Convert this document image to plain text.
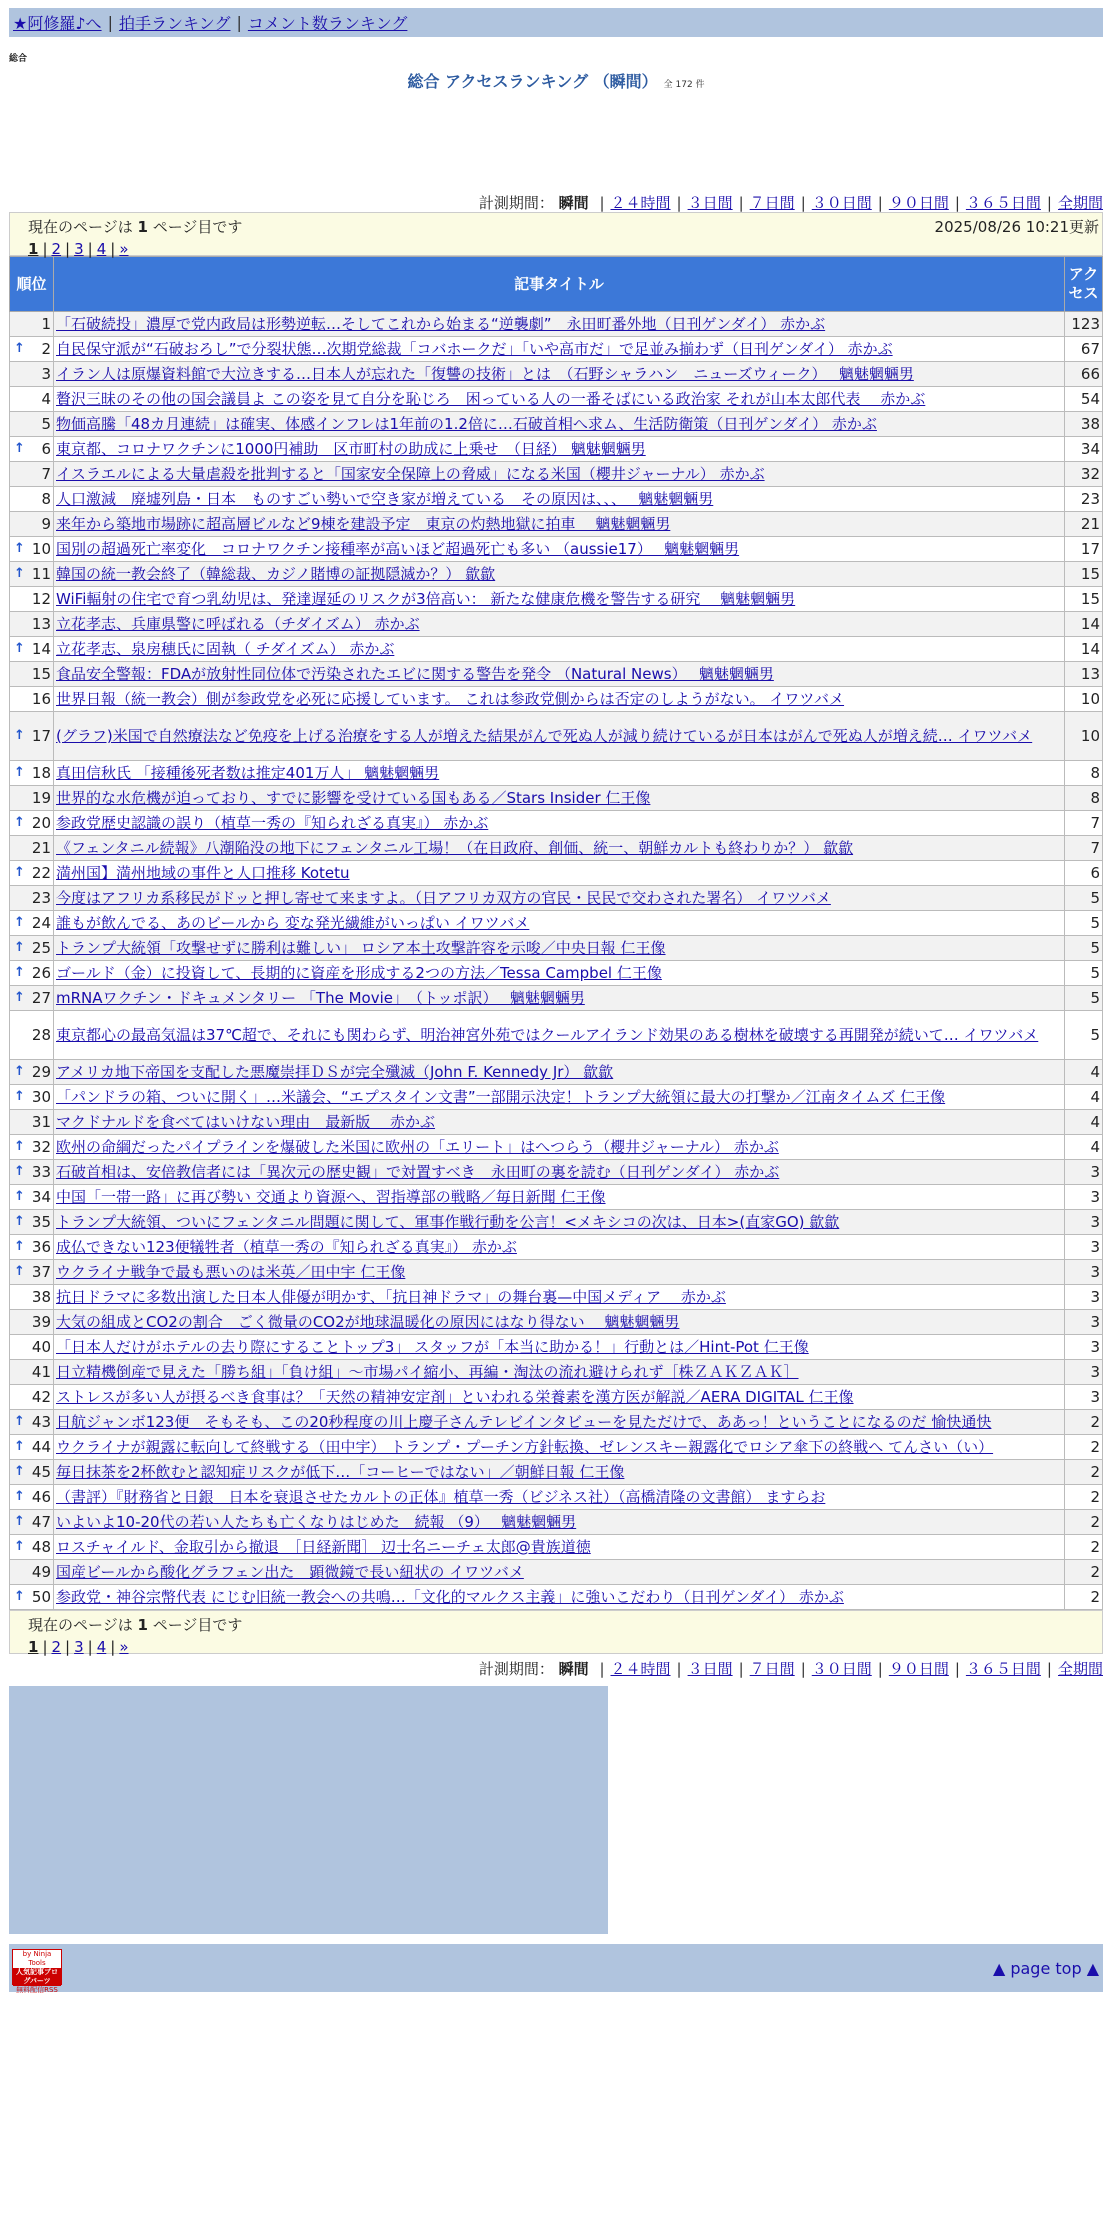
★阿修羅♪へ | 拍手ランキング | コメント数ランキング
総合
総合 アクセスランキング （瞬間） 全 172 件
計測期間： 瞬間 | ２４時間 | ３日間 | ７日間 | ３０日間 | ９０日間 | ３６５日間 | 全期間
現在のページは 1 ページ目です	2025/08/26 10:21更新
1 | 2 | 3 | 4 | »
順位	記事タイトル	アクセス
1	「石破続投」濃厚で党内政局は形勢逆転…そしてこれから始まる“逆襲劇”　永田町番外地（日刊ゲンダイ） 赤かぶ	123

↑ 2	自民保守派が“石破おろし”で分裂状態…次期党総裁「コバホークだ」「いや高市だ」で足並み揃わず（日刊ゲンダイ） 赤かぶ	67
3	イラン人は原爆資料館で大泣きする…日本人が忘れた「復讐の技術」とは　（石野シャラハン　ニューズウィーク）　 魑魅魍魎男	66
4	贅沢三昧のその他の国会議員よ この姿を見て自分を恥じろ　困っている人の一番そばにいる政治家 それが山本太郎代表　 赤かぶ	54
5	物価高騰「48カ月連続」は確実、体感インフレは1年前の1.2倍に…石破首相へ求ム、生活防衛策（日刊ゲンダイ） 赤かぶ	38

↑ 6	東京都、コロナワクチンに1000円補助　区市町村の助成に上乗せ　（日経） 魑魅魍魎男	34
7	イスラエルによる大量虐殺を批判すると「国家安全保障上の脅威」になる米国（櫻井ジャーナル） 赤かぶ	32
8	人口激減　廃墟列島・日本　ものすごい勢いで空き家が増えている　その原因は、、、　 魑魅魍魎男	23
9	来年から築地市場跡に超高層ビルなど9棟を建設予定　東京の灼熱地獄に拍車　 魑魅魍魎男	21

↑ 10	国別の超過死亡率変化　コロナワクチン接種率が高いほど超過死亡も多い （aussie17）　 魑魅魍魎男	17

↑ 11	韓国の統一教会終了（韓総裁、カジノ賭博の証拠隠滅か？） 歙歙	15
12	WiFi輻射の住宅で育つ乳幼児は、発達遅延のリスクが3倍高い： 新たな健康危機を警告する研究　 魑魅魍魎男	15
13	立花孝志、兵庫県警に呼ばれる（チダイズム） 赤かぶ	14

↑ 14	立花孝志、泉房穂氏に固執（ チダイズム） 赤かぶ	14
15	食品安全警報：FDAが放射性同位体で汚染されたエビに関する警告を発令 （Natural News）　 魑魅魍魎男	13
16	世界日報（統一教会）側が参政党を必死に応援しています。 これは参政党側からは否定のしようがない。 イワツバメ	10

↑ 17	(グラフ)米国で自然療法など免疫を上げる治療をする人が増えた結果がんで死ぬ人が減り続けているが日本はがんで死ぬ人が増え続… イワツバメ	10

↑ 18	真田信秋氏 「接種後死者数は推定401万人」 魑魅魍魎男	8
19	世界的な水危機が迫っており、すでに影響を受けている国もある／Stars Insider 仁王像	8

↑ 20	参政党歴史認識の誤り（植草一秀の『知られざる真実』） 赤かぶ	7
21	《フェンタニル続報》八潮陥没の地下にフェンタニル工場！（在日政府、創価、統一、朝鮮カルトも終わりか？） 歙歙	7

↑ 22	満州国】満州地域の事件と人口推移 Kotetu	6
23	今度はアフリカ系移民がドッと押し寄せて来ますよ。（日アフリカ双方の官民・民民で交わされた署名） イワツバメ	5

↑ 24	誰もが飲んでる、あのビールから 変な発光繊維がいっぱい イワツバメ	5

↑ 25	トランプ大統領「攻撃せずに勝利は難しい」 ロシア本土攻撃許容を示唆／中央日報 仁王像	5

↑ 26	ゴールド（金）に投資して、長期的に資産を形成する2つの方法／Tessa Campbel 仁王像	5

↑ 27	mRNAワクチン・ドキュメンタリー 「The Movie」　（トッポ訳）　 魑魅魍魎男	5
28	東京都心の最高気温は37℃超で、それにも関わらず、明治神宮外苑ではクールアイランド効果のある樹林を破壊する再開発が続いて… イワツバメ	5

↑ 29	アメリカ地下帝国を支配した悪魔崇拝ＤＳが完全殲滅（John F. Kennedy Jr） 歙歙	4

↑ 30	「パンドラの箱、ついに開く」…米議会、“エプスタイン文書”一部開示決定！トランプ大統領に最大の打撃か／江南タイムズ 仁王像	4
31	マクドナルドを食べてはいけない理由　最新版　 赤かぶ	4

↑ 32	欧州の命綱だったパイプラインを爆破した米国に欧州の「エリート」はへつらう（櫻井ジャーナル） 赤かぶ	4

↑ 33	石破首相は、安倍教信者には「異次元の歴史観」で対置すべき　永田町の裏を読む（日刊ゲンダイ） 赤かぶ	3

↑ 34	中国「一帯一路」に再び勢い 交通より資源へ、習指導部の戦略／毎日新聞 仁王像	3

↑ 35	トランプ大統領、ついにフェンタニル問題に関して、軍事作戦行動を公言！<メキシコの次は、日本>(直家GO) 歙歙	3

↑ 36	成仏できない123便犠牲者（植草一秀の『知られざる真実』） 赤かぶ	3

↑ 37	ウクライナ戦争で最も悪いのは米英／田中宇 仁王像	3
38	抗日ドラマに多数出演した日本人俳優が明かす、「抗日神ドラマ」の舞台裏—中国メディア　 赤かぶ	3
39	大気の組成とCO2の割合　ごく微量のCO2が地球温暖化の原因にはなり得ない　 魑魅魍魎男	3
40	「日本人だけがホテルの去り際にすることトップ3」 スタッフが「本当に助かる！」行動とは／Hint-Pot 仁王像	3
41	日立精機倒産で見えた「勝ち組」「負け組」〜市場パイ縮小、再編・淘汰の流れ避けられず［株ＺＡＫＺＡＫ］	3
42	ストレスが多い人が摂るべき食事は？「天然の精神安定剤」といわれる栄養素を漢方医が解説／AERA DIGITAL 仁王像	3

↑ 43	日航ジャンボ123便　そもそも、この20秒程度の川上慶子さんテレビインタビューを見ただけで、ああっ！ということになるのだ 愉快通快	2

↑ 44	ウクライナが親露に転向して終戦する（田中宇） トランプ・プーチン方針転換、ゼレンスキー親露化でロシア傘下の終戦へ てんさい（い）	2

↑ 45	毎日抹茶を2杯飲むと認知症リスクが低下…「コーヒーではない」／朝鮮日報 仁王像	2

↑ 46	（書評）『財務省と日銀　日本を衰退させたカルトの正体』植草一秀（ビジネス社）（高橋清隆の文書館） ますらお	2

↑ 47	いよいよ10-20代の若い人たちも亡くなりはじめた　続報 （9）　 魑魅魍魎男	2

↑ 48	ロスチャイルド、金取引から撤退　［日経新聞］ 辺士名ニーチェ太郎@貴族道徳	2
49	国産ビールから酸化グラフェン出た　顕微鏡で長い紐状の イワツバメ	2

↑ 50	参政党・神谷宗幣代表 にじむ旧統一教会への共鳴…「文化的マルクス主義」に強いこだわり（日刊ゲンダイ） 赤かぶ	2
現在のページは 1 ページ目です
1 | 2 | 3 | 4 | »
計測期間： 瞬間 | ２４時間 | ３日間 | ７日間 | ３０日間 | ９０日間 | ３６５日間 | 全期間
by Ninja Tools
人気記事ブログパーツ
無料配信RSS
▲ page top ▲
